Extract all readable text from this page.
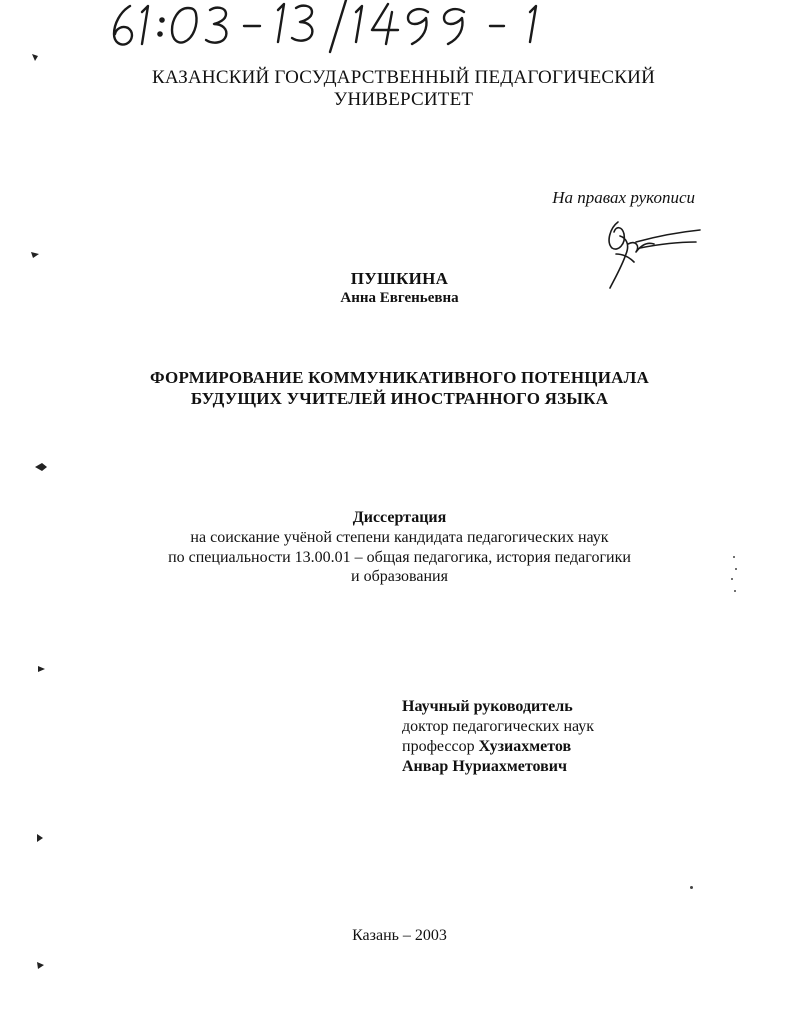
КАЗАНСКИЙ ГОСУДАРСТВЕННЫЙ ПЕДАГОГИЧЕСКИЙ
УНИВЕРСИТЕТ
На правах рукописи
ПУШКИНА
Анна Евгеньевна
ФОРМИРОВАНИЕ КОММУНИКАТИВНОГО ПОТЕНЦИАЛА
БУДУЩИХ УЧИТЕЛЕЙ ИНОСТРАННОГО ЯЗЫКА
Диссертация
на соискание учёной степени кандидата педагогических наук
по специальности 13.00.01 – общая педагогика, история педагогики
и образования
Научный руководитель
доктор педагогических наук
профессор Хузиахметов
Анвар Нуриахметович
Казань – 2003
